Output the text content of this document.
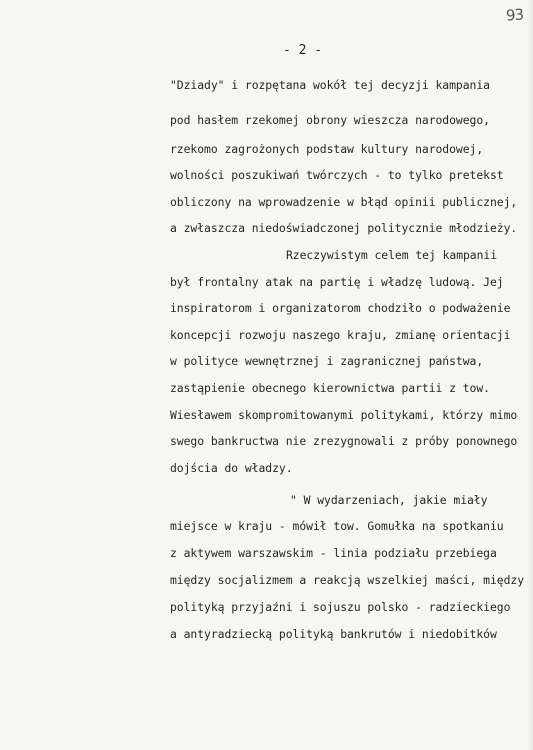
93
- 2 -
"Dziady" i rozpętana wokół tej decyzji kampania
pod hasłem rzekomej obrony wieszcza narodowego,
rzekomo zagrożonych podstaw kultury narodowej,
wolności poszukiwań twórczych - to tylko pretekst
obliczony na wprowadzenie w błąd opinii publicznej,
a zwłaszcza niedoświadczonej politycznie młodzieży.
Rzeczywistym celem tej kampanii
był frontalny atak na partię i władzę ludową. Jej
inspiratorom i organizatorom chodziło o podważenie
koncepcji rozwoju naszego kraju, zmianę orientacji
w polityce wewnętrznej i zagranicznej państwa,
zastąpienie obecnego kierownictwa partii z tow.
Wiesławem skompromitowanymi politykami, którzy mimo
swego bankructwa nie zrezygnowali z próby ponownego
dojścia do władzy.
" W wydarzeniach, jakie miały
miejsce w kraju - mówił tow. Gomułka na spotkaniu
z aktywem warszawskim - linia podziału przebiega
między socjalizmem a reakcją wszelkiej maści, między
polityką przyjaźni i sojuszu polsko - radzieckiego
a antyradziecką polityką bankrutów i niedobitków
